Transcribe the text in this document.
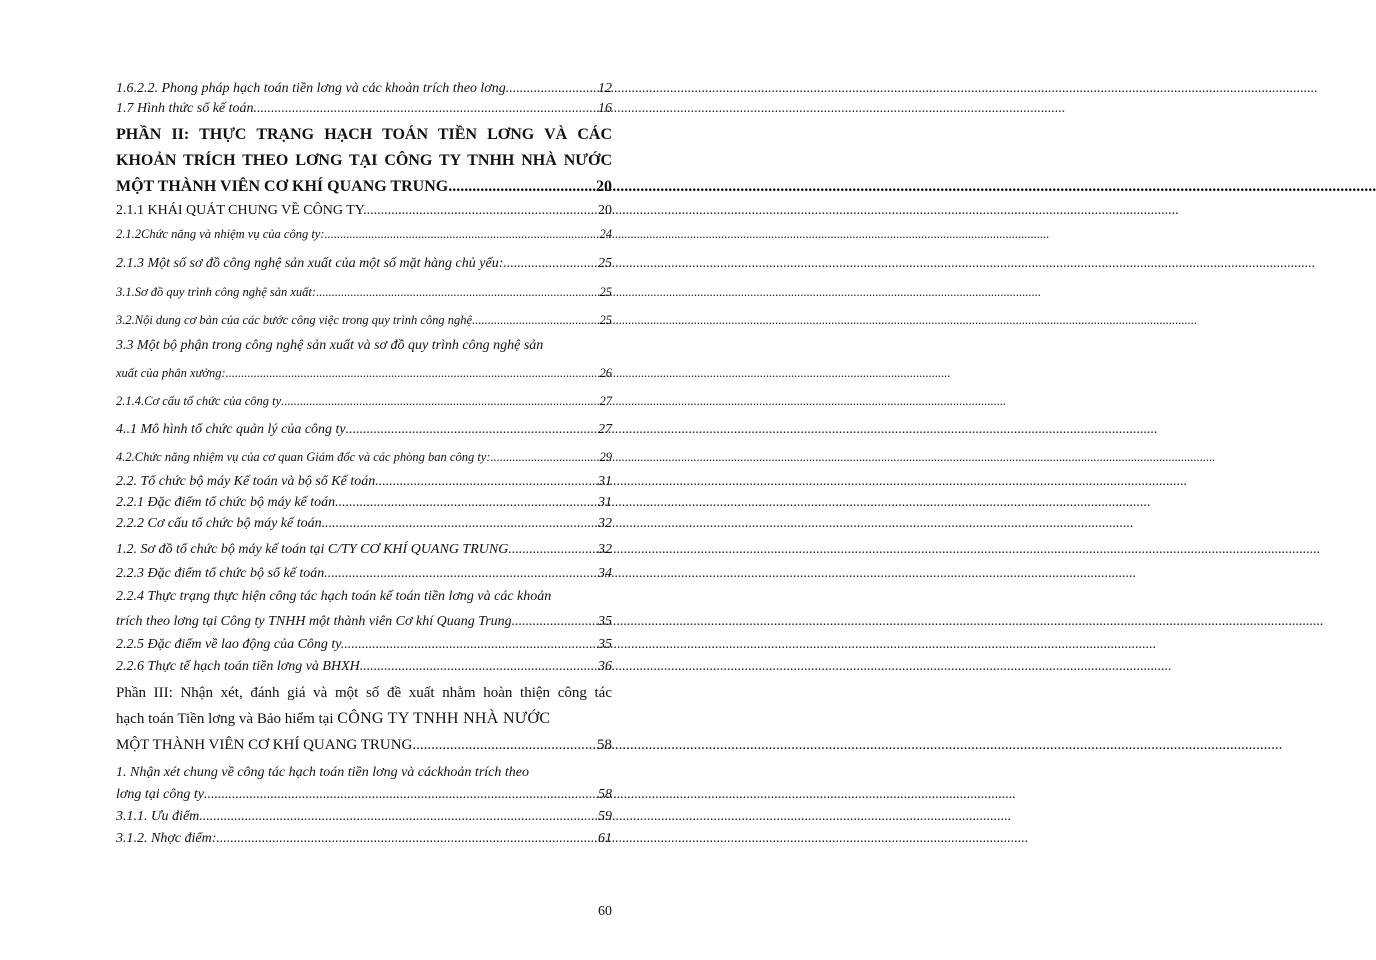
1.6.2.2. Phong pháp hạch toán tiền lơng và các khoản trích theo lơng .....	12
1.7 Hình thức sổ kế toán .....	16
PHẦN II: THỰC TRẠNG HẠCH TOÁN TIỀN LƠNG VÀ CÁC
KHOẢN TRÍCH THEO LƠNG TẠI CÔNG TY TNHH NHÀ NƯỚC
MỘT THÀNH VIÊN CƠ KHÍ QUANG TRUNG .....	20
2.1.1 KHÁI QUÁT CHUNG VỀ CÔNG TY. .....	20
2.1.2Chức năng và nhiệm vụ của công ty: .....	24
2.1.3 Một số sơ đồ công nghệ sản xuất của một số mặt hàng chủ yếu: .....	25
3.1.Sơ đồ quy trình công nghệ sản xuất: .....	25
3.2.Nội dung cơ bản của các bước công việc trong quy trình công nghệ .....	25
3.3 Một bộ phận trong công nghệ sản xuất và sơ đồ quy trình công nghệ sản
xuất của phân xưởng: .....	26
2.1.4.Cơ cấu tổ chức của công ty .....	27
4..1 Mô hình tổ chức quản lý của công ty .....	27
4.2.Chức năng nhiệm vụ của cơ quan Giám đốc và các phòng ban công ty: .....	29
2.2. Tổ chức bộ máy Kế toán và bộ sổ Kế toán .....	31
2.2.1 Đặc điểm tổ chức bộ máy kế toán. .....	31
2.2.2 Cơ cấu tổ chức bộ máy kế toán .....	32
1.2. Sơ đồ tổ chức bộ máy kế toán tại C/TY CƠ KHÍ QUANG TRUNG .....	32
2.2.3 Đặc điểm tổ chức bộ sổ kế toán .....	34
2.2.4 Thực trạng thực hiện công tác hạch toán kế toán tiền lơng và các khoản
trích theo lơng tại Công ty TNHH một thành viên Cơ khí Quang Trung .....	35
2.2.5 Đặc điểm về lao động của Công ty. .....	35
2.2.6 Thực tế hạch toán tiền lơng và BHXH .....	36
Phần III: Nhận xét, đánh giá và một số đề xuất nhằm hoàn thiện công tác
hạch toán Tiền lơng và Bảo hiểm tại CÔNG TY TNHH NHÀ NƯỚC
MỘT THÀNH VIÊN CƠ KHÍ QUANG TRUNG .....	58
1. Nhận xét chung về công tác hạch toán tiền lơng và cáckhoản trích theo
lơng tại công ty .....	58
3.1.1. Ưu điểm .....	59
3.1.2. Nhợc điểm: .....	61
60
